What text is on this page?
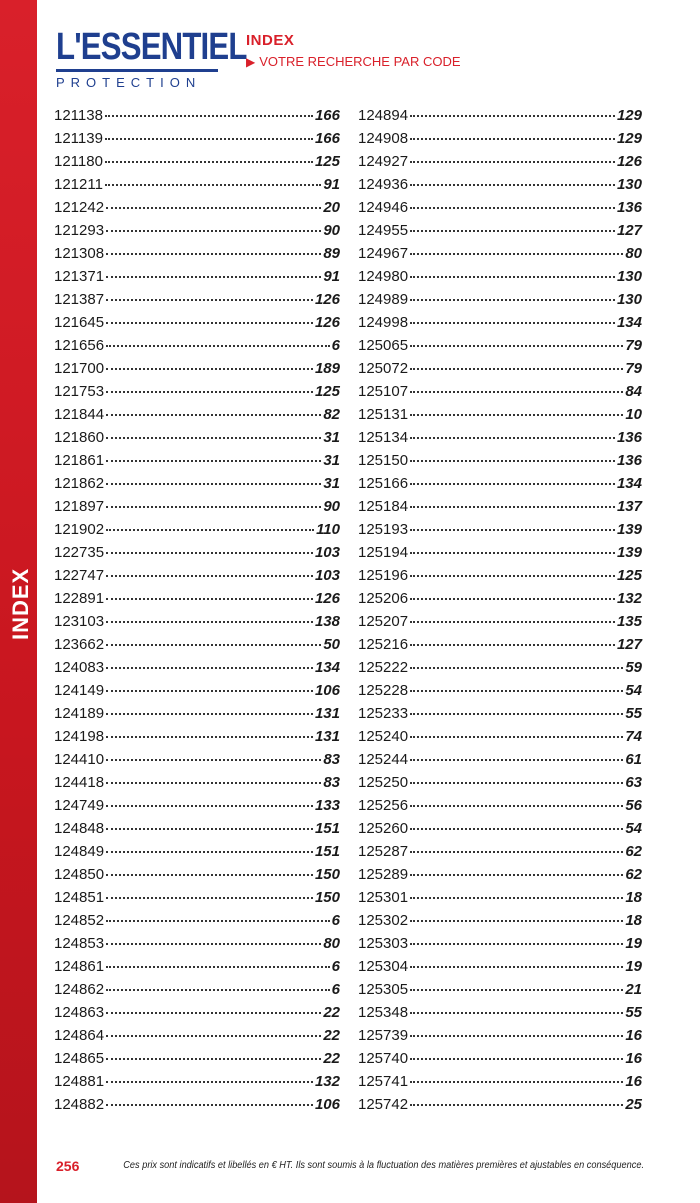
INDEX
L'ESSENTIEL
PROTECTION
INDEX
▶ VOTRE RECHERCHE PAR CODE
121138	166
121139	166
121180	125
121211	91
121242	20
121293	90
121308	89
121371	91
121387	126
121645	126
121656	6
121700	189
121753	125
121844	82
121860	31
121861	31
121862	31
121897	90
121902	110
122735	103
122747	103
122891	126
123103	138
123662	50
124083	134
124149	106
124189	131
124198	131
124410	83
124418	83
124749	133
124848	151
124849	151
124850	150
124851	150
124852	6
124853	80
124861	6
124862	6
124863	22
124864	22
124865	22
124881	132
124882	106
124894	129
124908	129
124927	126
124936	130
124946	136
124955	127
124967	80
124980	130
124989	130
124998	134
125065	79
125072	79
125107	84
125131	10
125134	136
125150	136
125166	134
125184	137
125193	139
125194	139
125196	125
125206	132
125207	135
125216	127
125222	59
125228	54
125233	55
125240	74
125244	61
125250	63
125256	56
125260	54
125287	62
125289	62
125301	18
125302	18
125303	19
125304	19
125305	21
125348	55
125739	16
125740	16
125741	16
125742	25
256	Ces prix sont indicatifs et libellés en € HT. Ils sont soumis à la fluctuation des matières premières et ajustables en conséquence.
